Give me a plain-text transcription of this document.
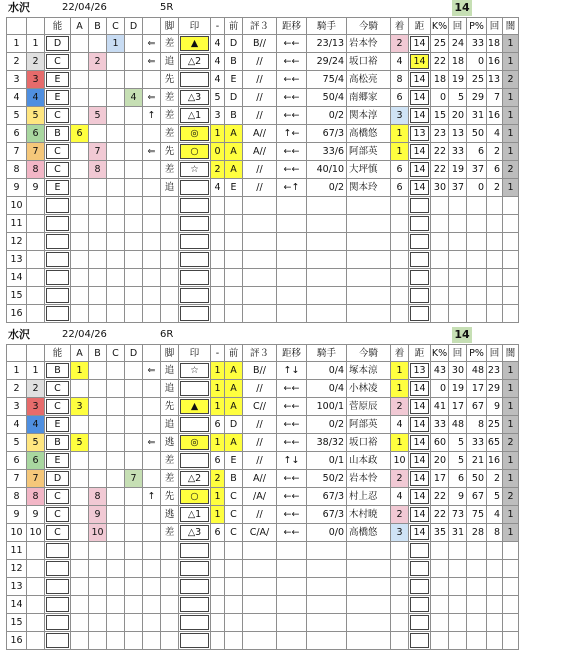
水沢	22/04/26	5R	14
		能	A	B	C	D		脚	印	-	前	評３	距移	騎手	今騎	着	距	K%	回	P%	回	闇
1	1	D			1		⇐	差	▲	4	D	B//	←←	23/13	岩本怜	2	14	25	24	33	18	1
2	2	C		2			⇐	追	△2	4	B	//	←←	29/24	坂口裕	4	14	22	18	0	16	1
3	3	E						先		4	E	//	←←	75/4	高松亮	8	14	18	19	25	13	2
4	4	E				4	⇐	差	△3	5	D	//	←←	50/4	南郷家	6	14	0	5	29	7	1
5	5	C		5			↑	差	△1	3	B	//	←←	0/2	関本淳	3	14	15	20	31	16	1
6	6	B	6					差	◎	1	A	A//	↑←	67/3	高橋悠	1	13	23	13	50	4	1
7	7	C		7			⇐	先	○	0	A	A//	←←	33/6	阿部英	1	14	22	33	6	2	1
8	8	C		8				差	☆	2	A	//	←←	40/10	大坪慎	6	14	22	19	37	6	2
9	9	E						追		4	E	//	←↑	0/2	関本玲	6	14	30	37	0	2	1
10		

11		

12		

13		

14		

15		

16		

水沢	22/04/26	6R	14
		能	A	B	C	D		脚	印	-	前	評３	距移	騎手	今騎	着	距	K%	回	P%	回	闇
1	1	B	1				⇐	追	☆	1	A	B//	↑↓	0/4	塚本涼	1	13	43	30	48	23	1
2	2	C						追		1	A	//	←←	0/4	小林凌	1	14	0	19	17	29	1
3	3	C	3					先	▲	1	A	C//	←←	100/1	菅原辰	2	14	41	17	67	9	1
4	4	E						追		6	D	//	←←	0/2	阿部英	4	14	33	48	8	25	1
5	5	B	5				⇐	逃	◎	1	A	//	←←	38/32	坂口裕	1	14	60	5	33	65	2
6	6	E						差		6	E	//	↑↓	0/1	山本政	10	14	20	5	21	16	1
7	7	D				7		差	△2	2	B	A//	←←	50/2	岩本怜	2	14	17	6	50	2	1
8	8	C		8			↑	先	○	1	C	/A/	←←	67/3	村上忍	4	14	22	9	67	5	2
9	9	C		9				逃	△1	1	C	//	←←	67/3	木村暁	2	14	22	73	75	4	1
10	10	C		10				差	△3	6	C	C/A/	←←	0/0	高橋悠	3	14	35	31	28	8	1
11		

12		

13		

14		

15		

16		
